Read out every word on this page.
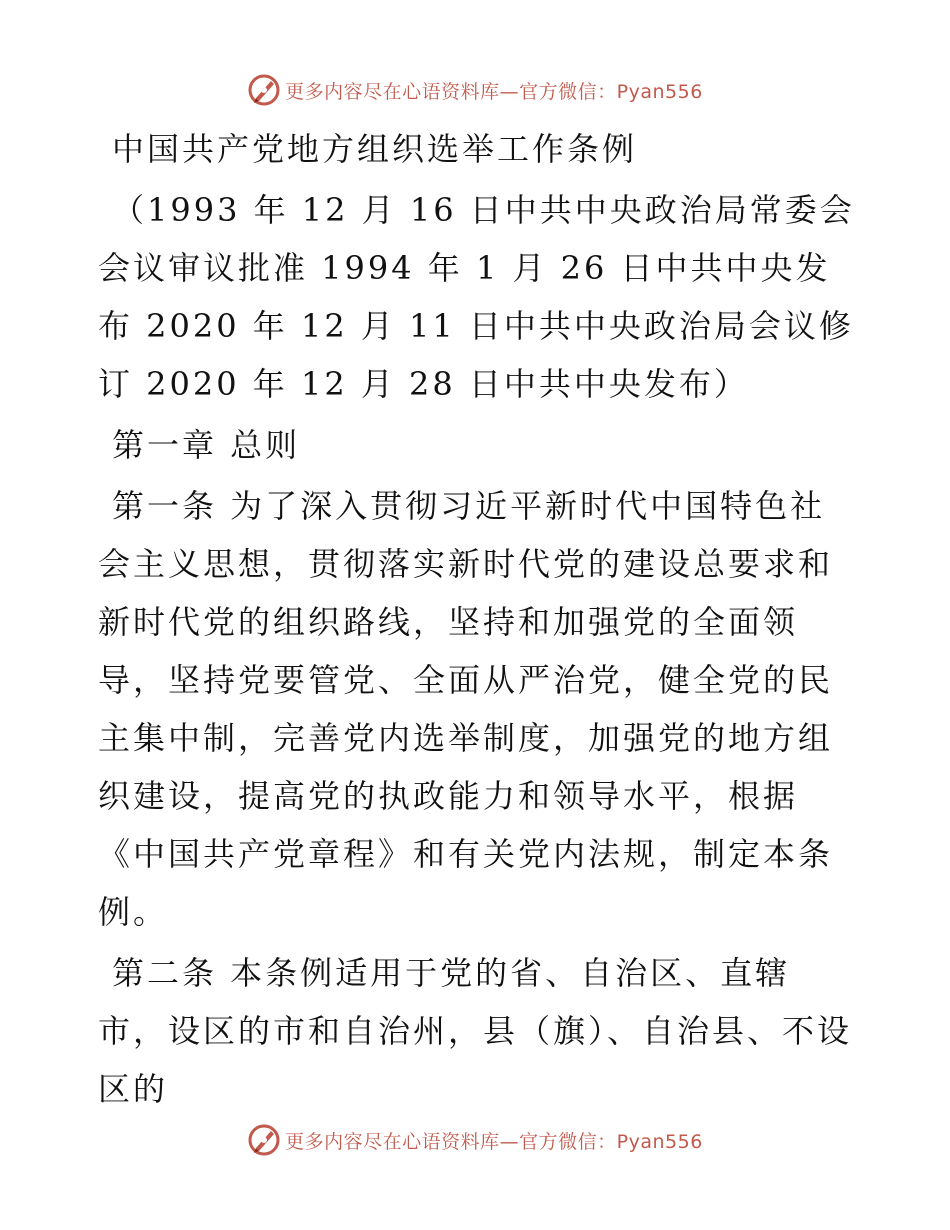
更多内容尽在心语资料库—官方微信：Pyan556

中国共产党地方组织选举工作条例

（1993 年 12 月 16 日中共中央政治局常委会会议审议批准 1994 年 1 月 26 日中共中央发布 2020 年 12 月 11 日中共中央政治局会议修订 2020 年 12 月 28 日中共中央发布）

第一章 总则

第一条 为了深入贯彻习近平新时代中国特色社会主义思想，贯彻落实新时代党的建设总要求和新时代党的组织路线，坚持和加强党的全面领导，坚持党要管党、全面从严治党，健全党的民主集中制，完善党内选举制度，加强党的地方组织建设，提高党的执政能力和领导水平，根据《中国共产党章程》和有关党内法规，制定本条例。

第二条 本条例适用于党的省、自治区、直辖市，设区的市和自治州，县（旗）、自治县、不设区的

更多内容尽在心语资料库—官方微信：Pyan556
